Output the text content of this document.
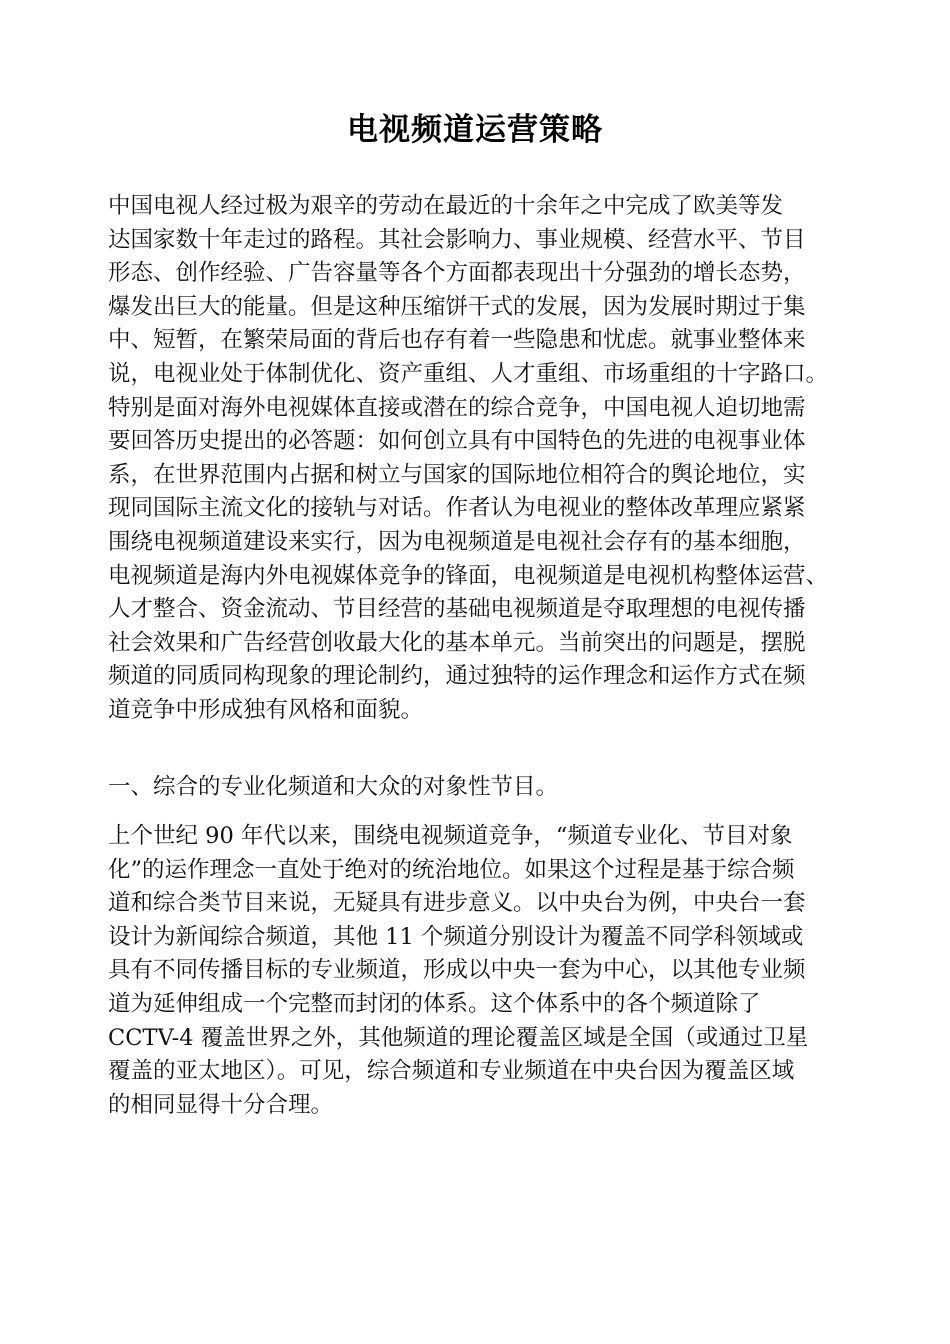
电视频道运营策略
中国电视人经过极为艰辛的劳动在最近的十余年之中完成了欧美等发
达国家数十年走过的路程。其社会影响力、事业规模、经营水平、节目
形态、创作经验、广告容量等各个方面都表现出十分强劲的增长态势，
爆发出巨大的能量。但是这种压缩饼干式的发展，因为发展时期过于集
中、短暂，在繁荣局面的背后也存有着一些隐患和忧虑。就事业整体来
说，电视业处于体制优化、资产重组、人才重组、市场重组的十字路口。
特别是面对海外电视媒体直接或潜在的综合竞争，中国电视人迫切地需
要回答历史提出的必答题：如何创立具有中国特色的先进的电视事业体
系，在世界范围内占据和树立与国家的国际地位相符合的舆论地位，实
现同国际主流文化的接轨与对话。作者认为电视业的整体改革理应紧紧
围绕电视频道建设来实行，因为电视频道是电视社会存有的基本细胞，
电视频道是海内外电视媒体竞争的锋面，电视频道是电视机构整体运营、
人才整合、资金流动、节目经营的基础电视频道是夺取理想的电视传播
社会效果和广告经营创收最大化的基本单元。当前突出的问题是，摆脱
频道的同质同构现象的理论制约，通过独特的运作理念和运作方式在频
道竞争中形成独有风格和面貌。
一、综合的专业化频道和大众的对象性节目。
上个世纪 90 年代以来，围绕电视频道竞争，“频道专业化、节目对象
化”的运作理念一直处于绝对的统治地位。如果这个过程是基于综合频
道和综合类节目来说，无疑具有进步意义。以中央台为例，中央台一套
设计为新闻综合频道，其他 11 个频道分别设计为覆盖不同学科领域或
具有不同传播目标的专业频道，形成以中央一套为中心，以其他专业频
道为延伸组成一个完整而封闭的体系。这个体系中的各个频道除了
CCTV-4 覆盖世界之外，其他频道的理论覆盖区域是全国（或通过卫星
覆盖的亚太地区）。可见，综合频道和专业频道在中央台因为覆盖区域
的相同显得十分合理。
